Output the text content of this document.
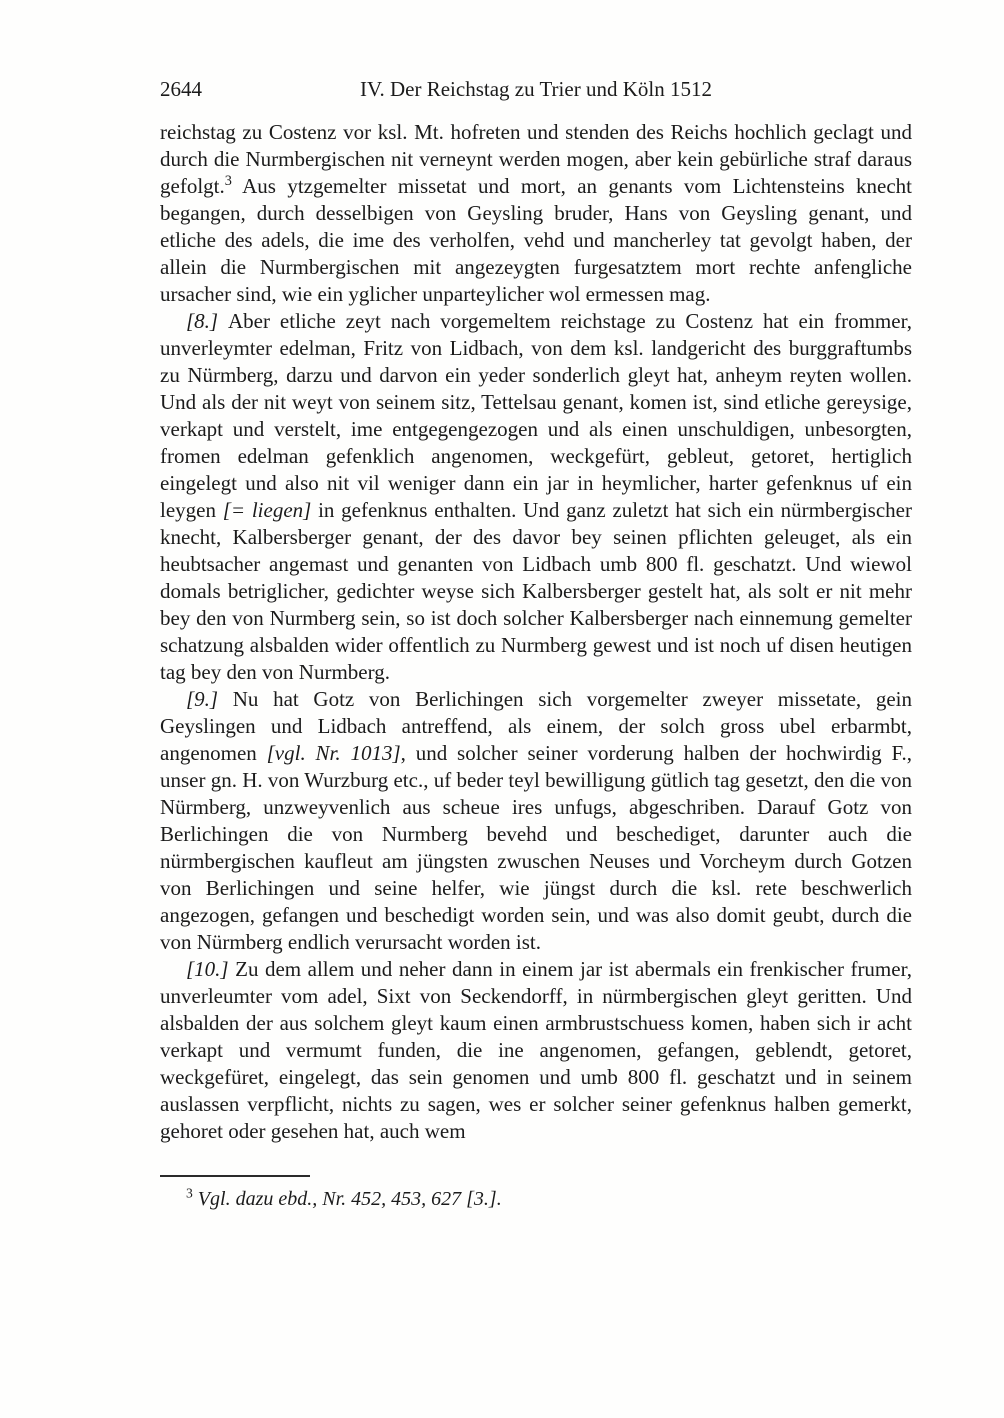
2644	IV. Der Reichstag zu Trier und Köln 1512

reichstag zu Costenz vor ksl. Mt. hofreten und stenden des Reichs hochlich geclagt und durch die Nurmbergischen nit verneynt werden mogen, aber kein gebürliche straf daraus gefolgt.$^3$ Aus ytzgemelter missetat und mort, an genants vom Lichtensteins knecht begangen, durch desselbigen von Geysling bruder, Hans von Geysling genant, und etliche des adels, die ime des verholfen, vehd und mancherley tat gevolgt haben, der allein die Nurmbergischen mit angezeygten furgesatztem mort rechte anfengliche ursacher sind, wie ein yglicher unparteylicher wol ermessen mag.

[8.] Aber etliche zeyt nach vorgemeltem reichstage zu Costenz hat ein frommer, unverleymter edelman, Fritz von Lidbach, von dem ksl. landgericht des burggraftumbs zu Nürmberg, darzu und darvon ein yeder sonderlich gleyt hat, anheym reyten wollen. Und als der nit weyt von seinem sitz, Tettelsau genant, komen ist, sind etliche gereysige, verkapt und verstelt, ime entgegengezogen und als einen unschuldigen, unbesorgten, fromen edelman gefenklich angenomen, weckgefürt, gebleut, getoret, hertiglich eingelegt und also nit vil weniger dann ein jar in heymlicher, harter gefenknus uf ein leygen [= liegen] in gefenknus enthalten. Und ganz zuletzt hat sich ein nürmbergischer knecht, Kalbersberger genant, der des davor bey seinen pflichten geleuget, als ein heubtsacher angemast und genanten von Lidbach umb 800 fl. geschatzt. Und wiewol domals betriglicher, gedichter weyse sich Kalbersberger gestelt hat, als solt er nit mehr bey den von Nurmberg sein, so ist doch solcher Kalbersberger nach einnemung gemelter schatzung alsbalden wider offentlich zu Nurmberg gewest und ist noch uf disen heutigen tag bey den von Nurmberg.

[9.] Nu hat Gotz von Berlichingen sich vorgemelter zweyer missetate, gein Geyslingen und Lidbach antreffend, als einem, der solch gross ubel erbarmbt, angenomen [vgl. Nr. 1013], und solcher seiner vorderung halben der hochwirdig F., unser gn. H. von Wurzburg etc., uf beder teyl bewilligung gütlich tag gesetzt, den die von Nürmberg, unzweyvenlich aus scheue ires unfugs, abgeschriben. Darauf Gotz von Berlichingen die von Nurmberg bevehd und beschediget, darunter auch die nürmbergischen kaufleut am jüngsten zwuschen Neuses und Vorcheym durch Gotzen von Berlichingen und seine helfer, wie jüngst durch die ksl. rete beschwerlich angezogen, gefangen und beschedigt worden sein, und was also domit geubt, durch die von Nürmberg endlich verursacht worden ist.

[10.] Zu dem allem und neher dann in einem jar ist abermals ein frenkischer frumer, unverleumter vom adel, Sixt von Seckendorff, in nürmbergischen gleyt geritten. Und alsbalden der aus solchem gleyt kaum einen armbrustschuess komen, haben sich ir acht verkapt und vermumt funden, die ine angenomen, gefangen, geblendt, getoret, weckgefüret, eingelegt, das sein genomen und umb 800 fl. geschatzt und in seinem auslassen verpflicht, nichts zu sagen, wes er solcher seiner gefenknus halben gemerkt, gehoret oder gesehen hat, auch wem

$^3$ Vgl. dazu ebd., Nr. 452, 453, 627 [3.].
